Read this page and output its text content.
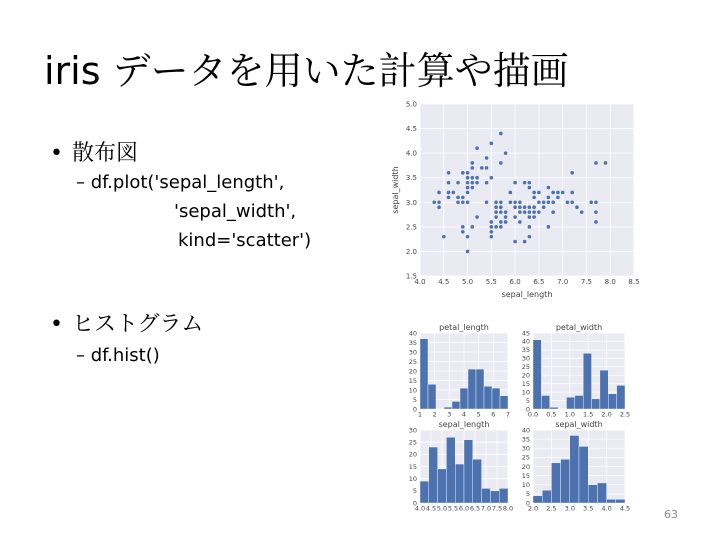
iris データを用いた計算や描画
• 散布図
– df.plot('sepal_length',
'sepal_width',
kind='scatter')
• ヒストグラム
– df.hist()
4.0 4.5 5.0 5.5 6.0 6.5 7.0 7.5 8.0 8.5
1.5
2.0
2.5
3.0
3.5
4.0
4.5
5.0
sepal_length
sepal_width
1 2 3 4 5 6 7
0
5
10
15
20
25
30
35
40
petal_length
0.0 0.5 1.0 1.5 2.0 2.5
0
5
10
15
20
25
30
35
40
45
petal_width
4.0 4.5 5.0 5.5 6.0 6.5 7.0 7.5 8.0
0
5
10
15
20
25
30
sepal_length
2.0 2.5 3.0 3.5 4.0 4.5
0
5
10
15
20
25
30
35
40
sepal_width
63
